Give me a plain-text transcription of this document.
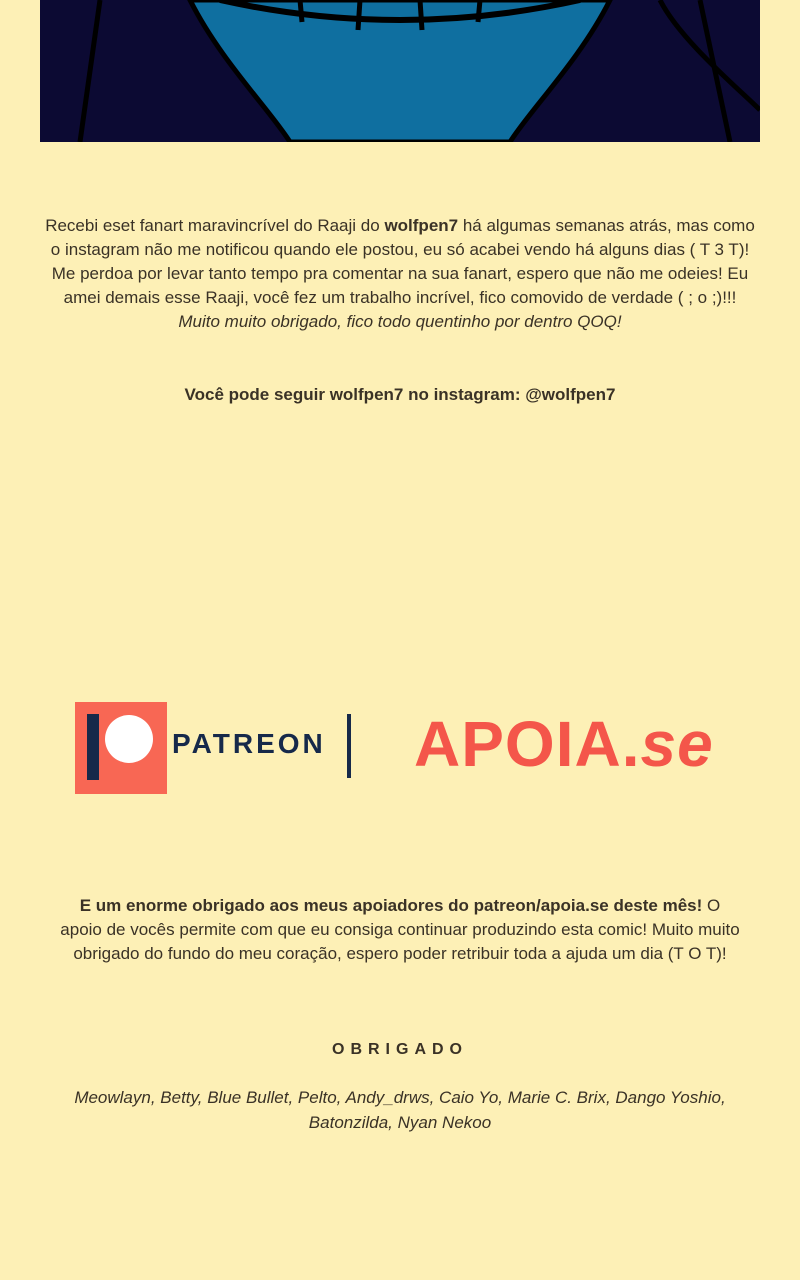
Recebi eset fanart maravincrível do Raaji do wolfpen7 há algumas semanas atrás, mas como o instagram não me notificou quando ele postou, eu só acabei vendo há alguns dias ( T 3 T)! Me perdoa por levar tanto tempo pra comentar na sua fanart, espero que não me odeies! Eu amei demais esse Raaji, você fez um trabalho incrível, fico comovido de verdade ( ; o ;)!!!
Muito muito obrigado, fico todo quentinho por dentro QOQ!
Você pode seguir wolfpen7 no instagram: @wolfpen7
PATREON APOIA.se
E um enorme obrigado aos meus apoiadores do patreon/apoia.se deste mês! O apoio de vocês permite com que eu consiga continuar produzindo esta comic! Muito muito obrigado do fundo do meu coração, espero poder retribuir toda a ajuda um dia (T O T)!
OBRIGADO
Meowlayn, Betty, Blue Bullet, Pelto, Andy_drws, Caio Yo, Marie C. Brix, Dango Yoshio, Batonzilda, Nyan Nekoo
